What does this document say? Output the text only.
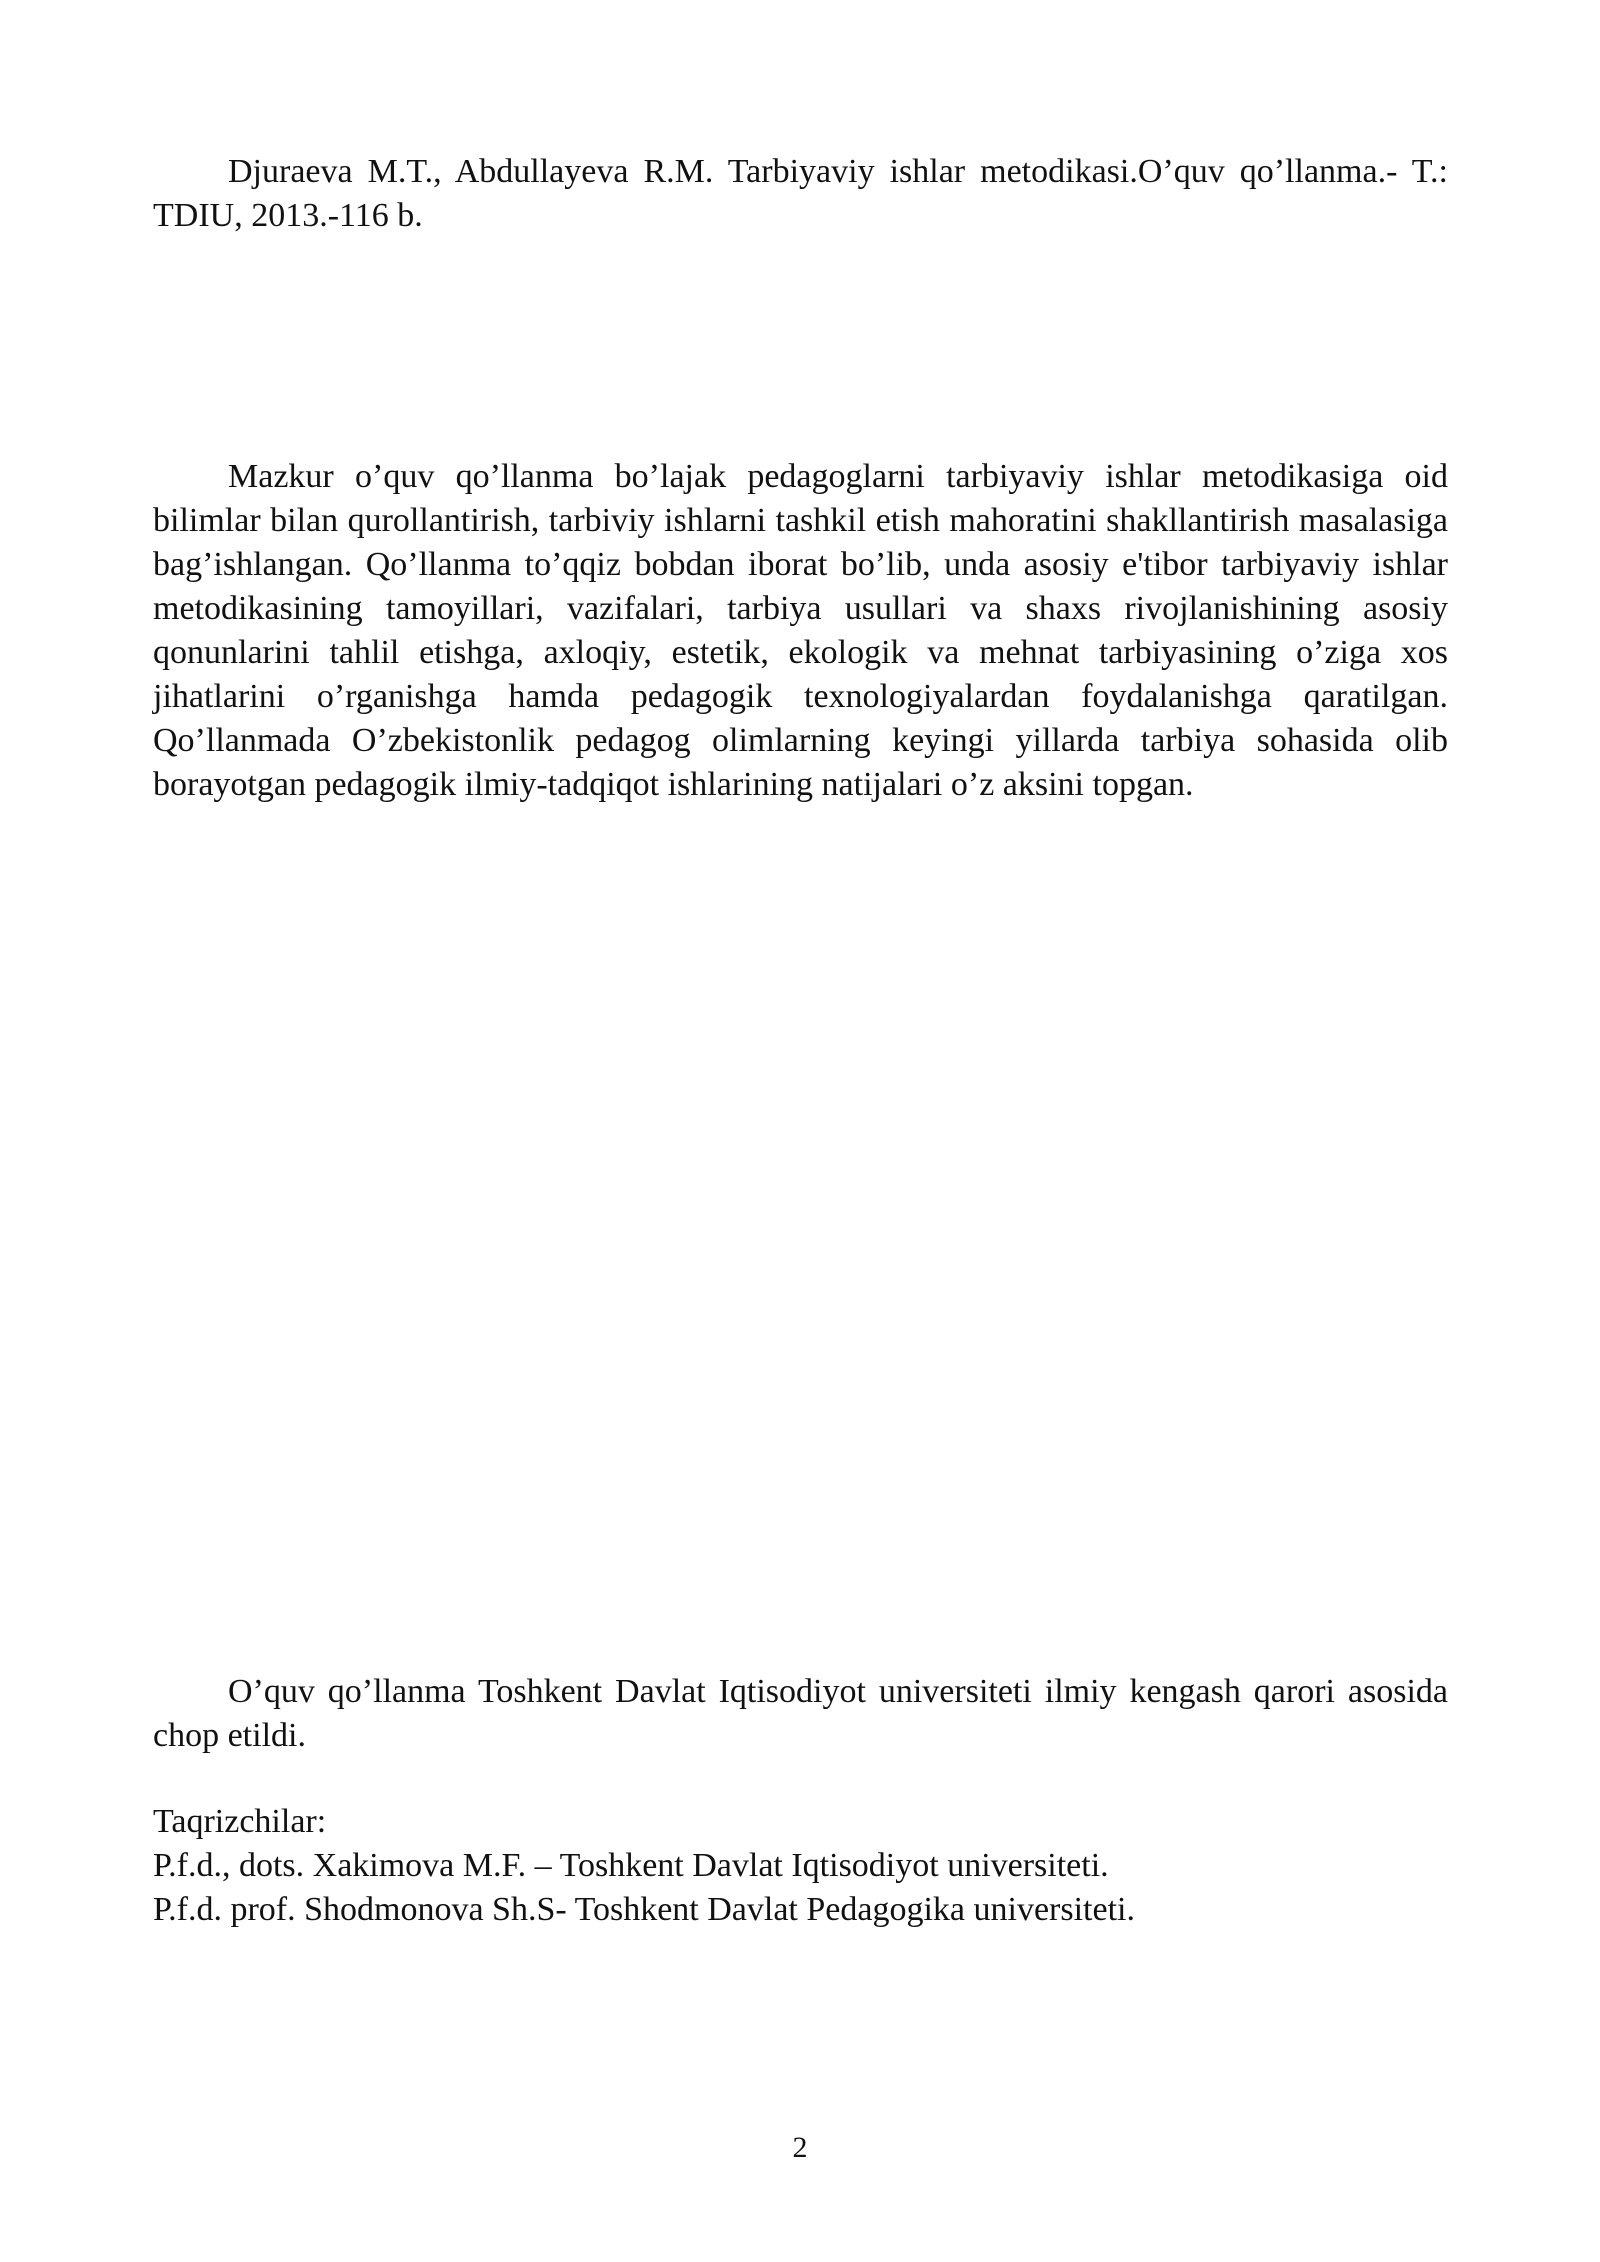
Djuraeva M.T., Abdullayeva R.M. Tarbiyaviy ishlar metodikasi.O’quv qo’llanma.- T.: TDIU, 2013.-116 b.

Mazkur o’quv qo’llanma bo’lajak pedagoglarni tarbiyaviy ishlar metodikasiga oid bilimlar bilan qurollantirish, tarbiviy ishlarni tashkil etish mahoratini shakllantirish masalasiga bag’ishlangan. Qo’llanma to’qqiz bobdan iborat bo’lib, unda asosiy e'tibor tarbiyaviy ishlar metodikasining tamoyillari, vazifalari, tarbiya usullari va shaxs rivojlanishining asosiy qonunlarini tahlil etishga, axloqiy, estetik, ekologik va mehnat tarbiyasining o’ziga xos jihatlarini o’rganishga hamda pedagogik texnologiyalardan foydalanishga qaratilgan. Qo’llanmada O’zbekistonlik pedagog olimlarning keyingi yillarda tarbiya sohasida olib borayotgan pedagogik ilmiy-tadqiqot ishlarining natijalari o’z aksini topgan.

O’quv qo’llanma Toshkent Davlat Iqtisodiyot universiteti ilmiy kengash qarori asosida chop etildi.

Taqrizchilar:

P.f.d., dots. Xakimova M.F. – Toshkent Davlat Iqtisodiyot universiteti.

P.f.d. prof. Shodmonova Sh.S- Toshkent Davlat Pedagogika universiteti.

2
